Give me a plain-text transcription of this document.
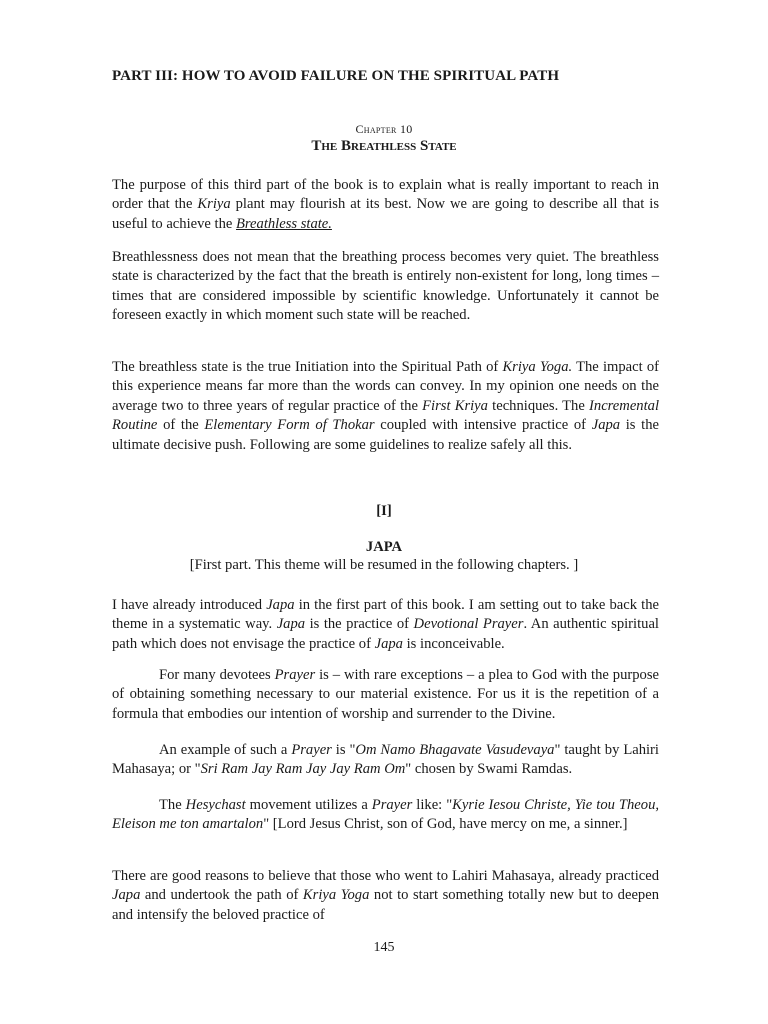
PART III: HOW TO AVOID FAILURE ON THE SPIRITUAL PATH
Chapter 10
The Breathless State

The purpose of this third part of the book is to explain what is really important to reach in order that the Kriya plant may flourish at its best. Now we are going to describe all that is useful to achieve the Breathless state.

Breathlessness does not mean that the breathing process becomes very quiet. The breathless state is characterized by the fact that the breath is entirely non-existent for long, long times – times that are considered impossible by scientific knowledge. Unfortunately it cannot be foreseen exactly in which moment such state will be reached.

The breathless state is the true Initiation into the Spiritual Path of Kriya Yoga. The impact of this experience means far more than the words can convey. In my opinion one needs on the average two to three years of regular practice of the First Kriya techniques. The Incremental Routine of the Elementary Form of Thokar coupled with intensive practice of Japa is the ultimate decisive push. Following are some guidelines to realize safely all this.

[I]

JAPA

[First part. This theme will be resumed in the following chapters. ]

I have already introduced Japa in the first part of this book. I am setting out to take back the theme in a systematic way. Japa is the practice of Devotional Prayer. An authentic spiritual path which does not envisage the practice of Japa is inconceivable.

For many devotees Prayer is – with rare exceptions – a plea to God with the purpose of obtaining something necessary to our material existence. For us it is the repetition of a formula that embodies our intention of worship and surrender to the Divine.

An example of such a Prayer is "Om Namo Bhagavate Vasudevaya" taught by Lahiri Mahasaya; or "Sri Ram Jay Ram Jay Jay Ram Om" chosen by Swami Ramdas.

The Hesychast movement utilizes a Prayer like: "Kyrie Iesou Christe, Yie tou Theou, Eleison me ton amartalon" [Lord Jesus Christ, son of God, have mercy on me, a sinner.]

There are good reasons to believe that those who went to Lahiri Mahasaya, already practiced Japa and undertook the path of Kriya Yoga not to start something totally new but to deepen and intensify the beloved practice of

145
